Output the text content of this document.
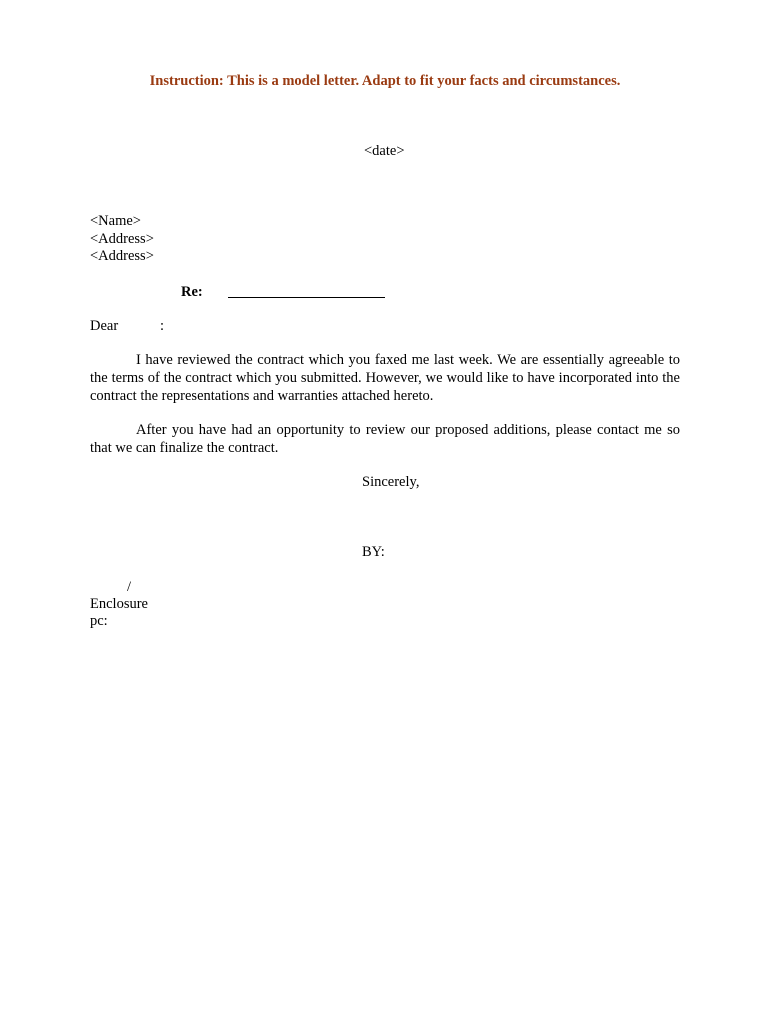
Instruction: This is a model letter. Adapt to fit your facts and circumstances.
<date>
<Name>
<Address>
<Address>
Re:
Dear	:
I have reviewed the contract which you faxed me last week. We are essentially agreeable to the terms of the contract which you submitted. However, we would like to have incorporated into the contract the representations and warranties attached hereto.
After you have had an opportunity to review our proposed additions, please contact me so that we can finalize the contract.
Sincerely,
BY:
/
Enclosure
pc:
